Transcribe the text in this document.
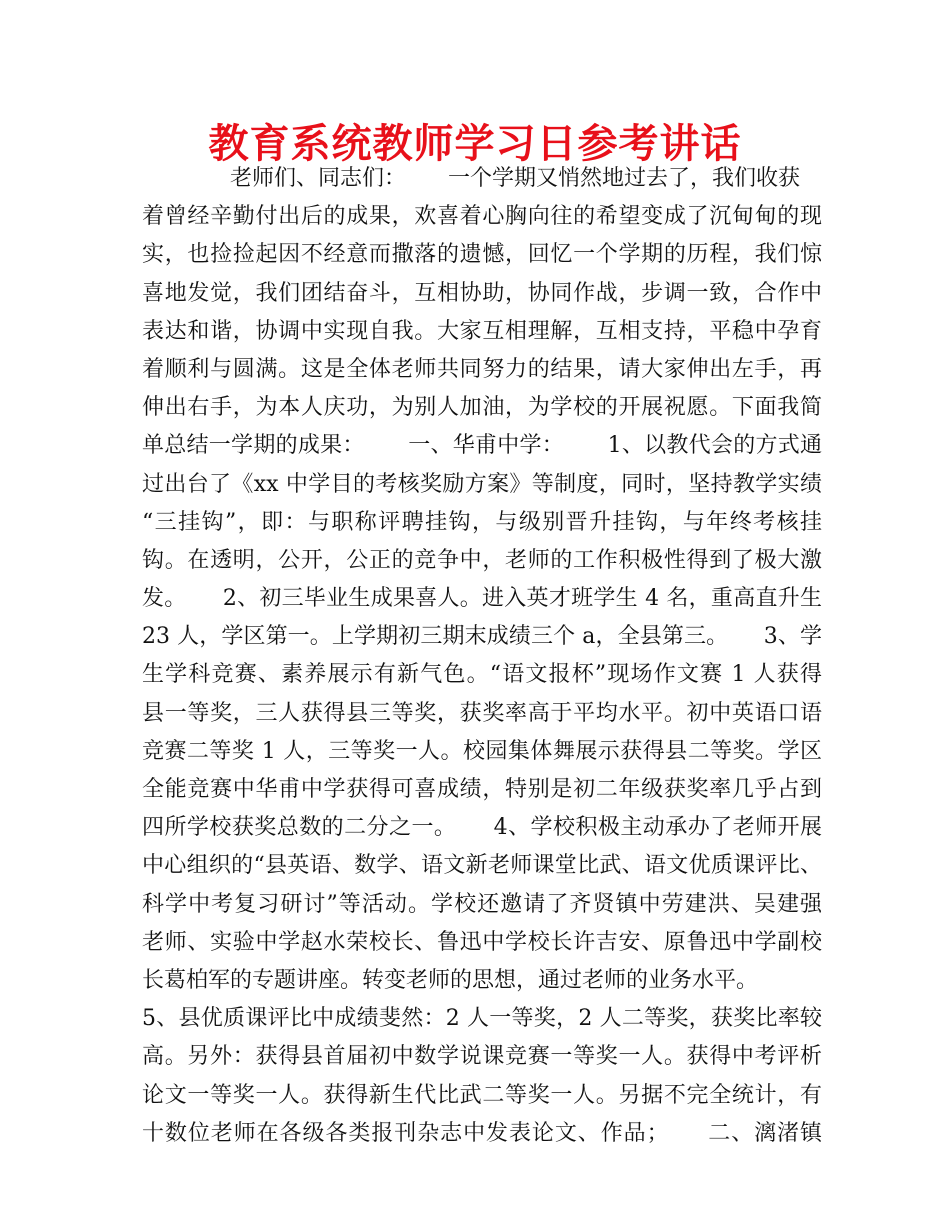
教育系统教师学习日参考讲话
老师们、同志们：      一个学期又悄然地过去了，我们收获
着曾经辛勤付出后的成果，欢喜着心胸向往的希望变成了沉甸甸的现
实，也捡捡起因不经意而撒落的遗憾，回忆一个学期的历程，我们惊
喜地发觉，我们团结奋斗，互相协助，协同作战，步调一致，合作中
表达和谐，协调中实现自我。大家互相理解，互相支持，平稳中孕育
着顺利与圆满。这是全体老师共同努力的结果，请大家伸出左手，再
伸出右手，为本人庆功，为别人加油，为学校的开展祝愿。下面我简
单总结一学期的成果：      一、华甫中学：      1、以教代会的方式通
过出台了《xx 中学目的考核奖励方案》等制度，同时，坚持教学实绩
“三挂钩”，即：与职称评聘挂钩，与级别晋升挂钩，与年终考核挂
钩。在透明，公开，公正的竞争中，老师的工作积极性得到了极大激
发。     2、初三毕业生成果喜人。进入英才班学生 4 名，重高直升生
23 人，学区第一。上学期初三期末成绩三个 a，全县第三。     3、学
生学科竞赛、素养展示有新气色。“语文报杯”现场作文赛 1 人获得
县一等奖，三人获得县三等奖，获奖率高于平均水平。初中英语口语
竞赛二等奖 1 人，三等奖一人。校园集体舞展示获得县二等奖。学区
全能竞赛中华甫中学获得可喜成绩，特别是初二年级获奖率几乎占到
四所学校获奖总数的二分之一。     4、学校积极主动承办了老师开展
中心组织的“县英语、数学、语文新老师课堂比武、语文优质课评比、
科学中考复习研讨”等活动。学校还邀请了齐贤镇中劳建洪、吴建强
老师、实验中学赵水荣校长、鲁迅中学校长许吉安、原鲁迅中学副校
长葛柏军的专题讲座。转变老师的思想，通过老师的业务水平。
5、县优质课评比中成绩斐然：2 人一等奖，2 人二等奖，获奖比率较
高。另外：获得县首届初中数学说课竞赛一等奖一人。获得中考评析
论文一等奖一人。获得新生代比武二等奖一人。另据不完全统计，有
十数位老师在各级各类报刊杂志中发表论文、作品；     二、漓渚镇
